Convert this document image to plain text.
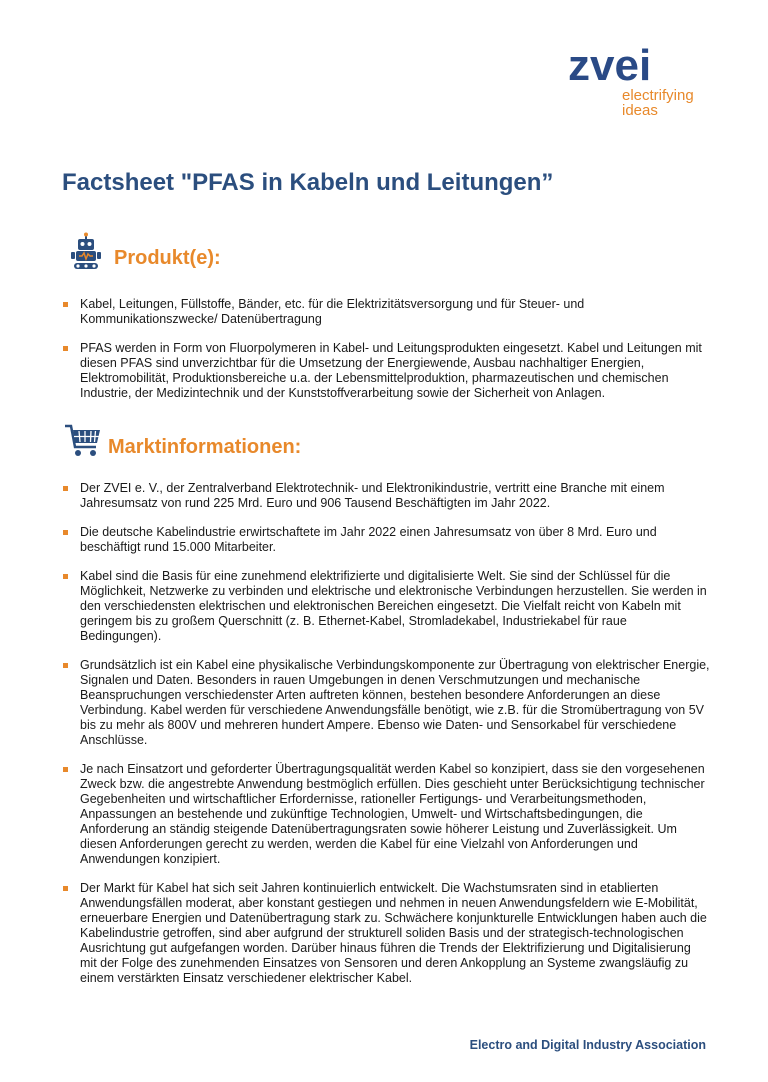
zvei
electrifying
ideas
Factsheet "PFAS in Kabeln und Leitungen”
Produkt(e):
Kabel, Leitungen, Füllstoffe, Bänder, etc. für die Elektrizitätsversorgung und für Steuer- und Kommunikationszwecke/ Datenübertragung
PFAS werden in Form von Fluorpolymeren in Kabel- und Leitungsprodukten eingesetzt. Kabel und Leitungen mit diesen PFAS sind unverzichtbar für die Umsetzung der Energiewende, Ausbau nachhaltiger Energien, Elektromobilität, Produktionsbereiche u.a. der Lebensmittelproduktion, pharmazeutischen und chemischen Industrie, der Medizintechnik und der Kunststoffverarbeitung sowie der Sicherheit von Anlagen.
Marktinformationen:
Der ZVEI e. V., der Zentralverband Elektrotechnik- und Elektronikindustrie, vertritt eine Branche mit einem Jahresumsatz von rund 225 Mrd. Euro und 906 Tausend Beschäftigten im Jahr 2022.
Die deutsche Kabelindustrie erwirtschaftete im Jahr 2022 einen Jahresumsatz von über 8 Mrd. Euro und beschäftigt rund 15.000 Mitarbeiter.
Kabel sind die Basis für eine zunehmend elektrifizierte und digitalisierte Welt. Sie sind der Schlüssel für die Möglichkeit, Netzwerke zu verbinden und elektrische und elektronische Verbindungen herzustellen. Sie werden in den verschiedensten elektrischen und elektronischen Bereichen eingesetzt. Die Vielfalt reicht von Kabeln mit geringem bis zu großem Querschnitt (z. B. Ethernet-Kabel, Stromladekabel, Industriekabel für raue Bedingungen).
Grundsätzlich ist ein Kabel eine physikalische Verbindungskomponente zur Übertragung von elektrischer Energie, Signalen und Daten. Besonders in rauen Umgebungen in denen Verschmutzungen und mechanische Beanspruchungen verschiedenster Arten auftreten können, bestehen besondere Anforderungen an diese Verbindung. Kabel werden für verschiedene Anwendungsfälle benötigt, wie z.B. für die Stromübertragung von 5V bis zu mehr als 800V und mehreren hundert Ampere. Ebenso wie Daten- und Sensorkabel für verschiedene Anschlüsse.
Je nach Einsatzort und geforderter Übertragungsqualität werden Kabel so konzipiert, dass sie den vorgesehenen Zweck bzw. die angestrebte Anwendung bestmöglich erfüllen. Dies geschieht unter Berücksichtigung technischer Gegebenheiten und wirtschaftlicher Erfordernisse, rationeller Fertigungs- und Verarbeitungsmethoden, Anpassungen an bestehende und zukünftige Technologien, Umwelt- und Wirtschaftsbedingungen, die Anforderung an ständig steigende Datenübertragungsraten sowie höherer Leistung und Zuverlässigkeit. Um diesen Anforderungen gerecht zu werden, werden die Kabel für eine Vielzahl von Anforderungen und Anwendungen konzipiert.
Der Markt für Kabel hat sich seit Jahren kontinuierlich entwickelt. Die Wachstumsraten sind in etablierten Anwendungsfällen moderat, aber konstant gestiegen und nehmen in neuen Anwendungsfeldern wie E-Mobilität, erneuerbare Energien und Datenübertragung stark zu. Schwächere konjunkturelle Entwicklungen haben auch die Kabelindustrie getroffen, sind aber aufgrund der strukturell soliden Basis und der strategisch-technologischen Ausrichtung gut aufgefangen worden. Darüber hinaus führen die Trends der Elektrifizierung und Digitalisierung mit der Folge des zunehmenden Einsatzes von Sensoren und deren Ankopplung an Systeme zwangsläufig zu einem verstärkten Einsatz verschiedener elektrischer Kabel.
Electro and Digital Industry Association
